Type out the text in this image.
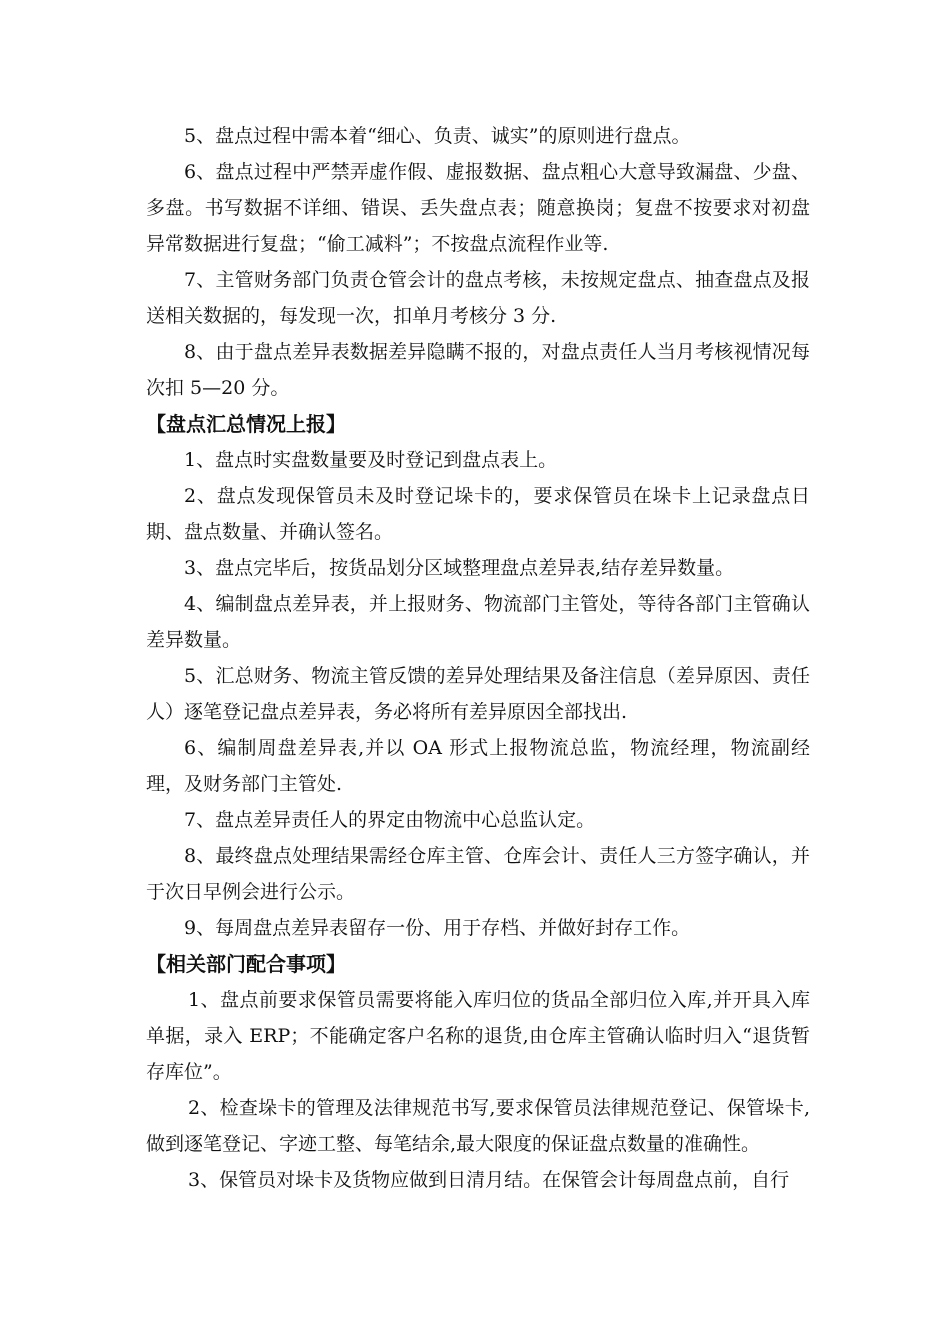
5、盘点过程中需本着“细心、负责、诚实”的原则进行盘点。

6、盘点过程中严禁弄虚作假、虚报数据、盘点粗心大意导致漏盘、少盘、多盘。书写数据不详细、错误、丢失盘点表；随意换岗；复盘不按要求对初盘异常数据进行复盘；“偷工减料”；不按盘点流程作业等.

7、主管财务部门负责仓管会计的盘点考核，未按规定盘点、抽查盘点及报送相关数据的，每发现一次，扣单月考核分 3 分.

8、由于盘点差异表数据差异隐瞒不报的，对盘点责任人当月考核视情况每次扣 5—20 分。

【盘点汇总情况上报】

1、盘点时实盘数量要及时登记到盘点表上。

2、盘点发现保管员未及时登记垛卡的，要求保管员在垛卡上记录盘点日期、盘点数量、并确认签名。

3、盘点完毕后，按货品划分区域整理盘点差异表,结存差异数量。

4、编制盘点差异表，并上报财务、物流部门主管处，等待各部门主管确认差异数量。

5、汇总财务、物流主管反馈的差异处理结果及备注信息（差异原因、责任人）逐笔登记盘点差异表，务必将所有差异原因全部找出.

6、编制周盘差异表,并以 OA 形式上报物流总监，物流经理，物流副经理，及财务部门主管处.

7、盘点差异责任人的界定由物流中心总监认定。

8、最终盘点处理结果需经仓库主管、仓库会计、责任人三方签字确认，并于次日早例会进行公示。

9、每周盘点差异表留存一份、用于存档、并做好封存工作。

【相关部门配合事项】

1、盘点前要求保管员需要将能入库归位的货品全部归位入库,并开具入库单据，录入 ERP；不能确定客户名称的退货,由仓库主管确认临时归入“退货暂存库位”。

2、检查垛卡的管理及法律规范书写,要求保管员法律规范登记、保管垛卡,做到逐笔登记、字迹工整、每笔结余,最大限度的保证盘点数量的准确性。

3、保管员对垛卡及货物应做到日清月结。在保管会计每周盘点前，自行
